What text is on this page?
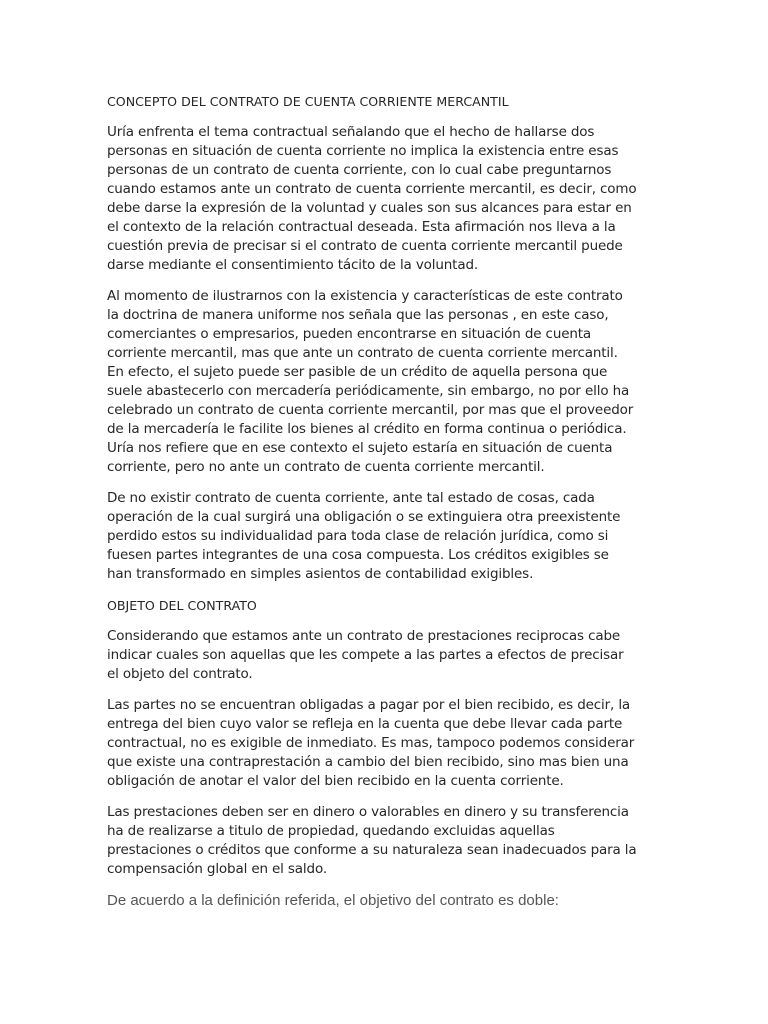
CONCEPTO DEL CONTRATO DE CUENTA CORRIENTE MERCANTIL
Uría enfrenta el tema contractual señalando que el hecho de hallarse dos
personas en situación de cuenta corriente no implica la existencia entre esas
personas de un contrato de cuenta corriente, con lo cual cabe preguntarnos
cuando estamos ante un contrato de cuenta corriente mercantil, es decir, como
debe darse la expresión de la voluntad y cuales son sus alcances para estar en
el contexto de la relación contractual deseada. Esta afirmación nos lleva a la
cuestión previa de precisar si el contrato de cuenta corriente mercantil puede
darse mediante el consentimiento tácito de la voluntad.
Al momento de ilustrarnos con la existencia y características de este contrato
la doctrina de manera uniforme nos señala que las personas , en este caso,
comerciantes o empresarios, pueden encontrarse en situación de cuenta
corriente mercantil, mas que ante un contrato de cuenta corriente mercantil.
En efecto, el sujeto puede ser pasible de un crédito de aquella persona que
suele abastecerlo con mercadería periódicamente, sin embargo, no por ello ha
celebrado un contrato de cuenta corriente mercantil, por mas que el proveedor
de la mercadería le facilite los bienes al crédito en forma continua o periódica.
Uría nos refiere que en ese contexto el sujeto estaría en situación de cuenta
corriente, pero no ante un contrato de cuenta corriente mercantil.
De no existir contrato de cuenta corriente, ante tal estado de cosas, cada
operación de la cual surgirá una obligación o se extinguiera otra preexistente
perdido estos su individualidad para toda clase de relación jurídica, como si
fuesen partes integrantes de una cosa compuesta. Los créditos exigibles se
han transformado en simples asientos de contabilidad exigibles.
OBJETO DEL CONTRATO
Considerando que estamos ante un contrato de prestaciones reciprocas cabe
indicar cuales son aquellas que les compete a las partes a efectos de precisar
el objeto del contrato.
Las partes no se encuentran obligadas a pagar por el bien recibido, es decir, la
entrega del bien cuyo valor se refleja en la cuenta que debe llevar cada parte
contractual, no es exigible de inmediato. Es mas, tampoco podemos considerar
que existe una contraprestación a cambio del bien recibido, sino mas bien una
obligación de anotar el valor del bien recibido en la cuenta corriente.
Las prestaciones deben ser en dinero o valorables en dinero y su transferencia
ha de realizarse a titulo de propiedad, quedando excluidas aquellas
prestaciones o créditos que conforme a su naturaleza sean inadecuados para la
compensación global en el saldo.
De acuerdo a la definición referida, el objetivo del contrato es doble:
